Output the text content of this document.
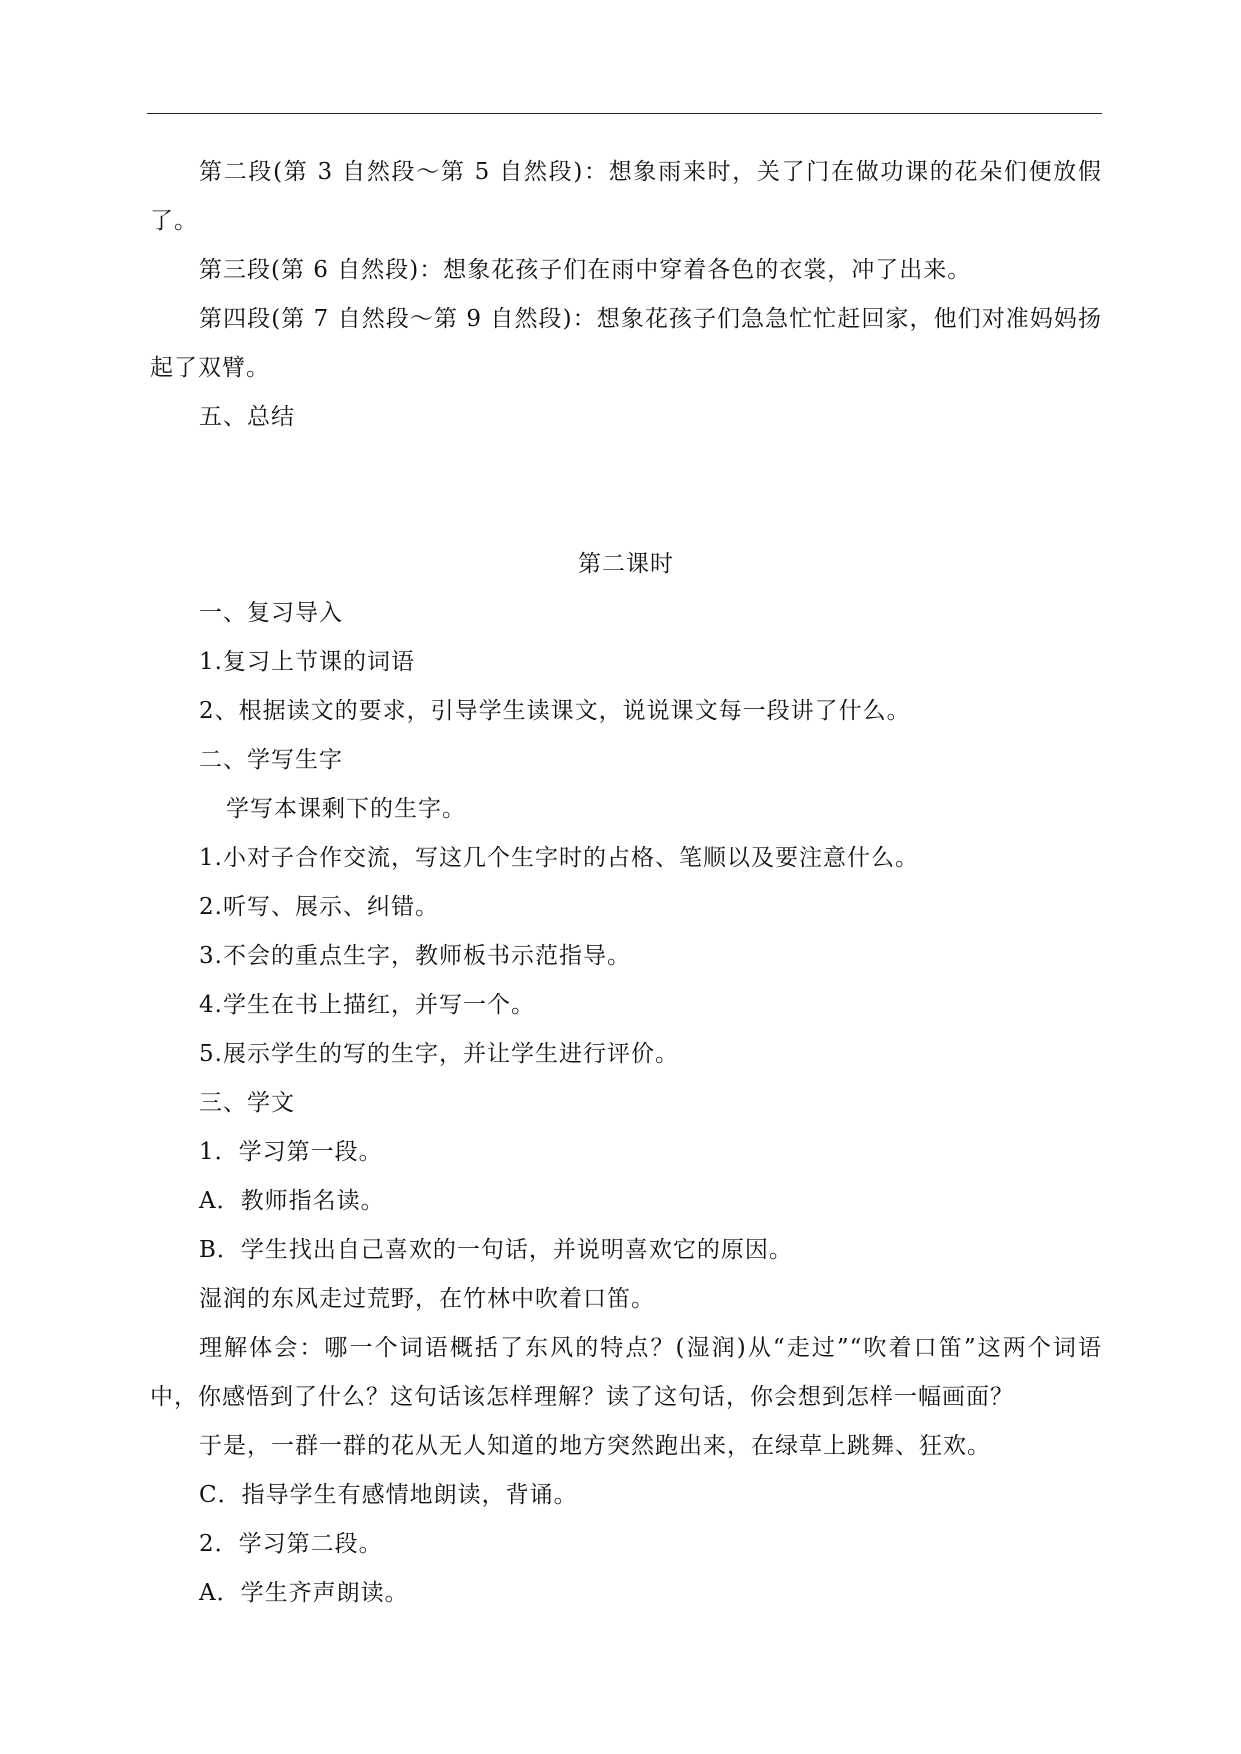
第二段(第 3 自然段～第 5 自然段)：想象雨来时，关了门在做功课的花朵们便放假了。

第三段(第 6 自然段)：想象花孩子们在雨中穿着各色的衣裳，冲了出来。

第四段(第 7 自然段～第 9 自然段)：想象花孩子们急急忙忙赶回家，他们对准妈妈扬起了双臂。

五、总结

第二课时

一、复习导入

1.复习上节课的词语

2、根据读文的要求，引导学生读课文，说说课文每一段讲了什么。

二、学写生字

学写本课剩下的生字。

1.小对子合作交流，写这几个生字时的占格、笔顺以及要注意什么。

2.听写、展示、纠错。

3.不会的重点生字，教师板书示范指导。

4.学生在书上描红，并写一个。

5.展示学生的写的生字，并让学生进行评价。

三、学文

1．学习第一段。

A．教师指名读。

B．学生找出自己喜欢的一句话，并说明喜欢它的原因。

湿润的东风走过荒野，在竹林中吹着口笛。

理解体会：哪一个词语概括了东风的特点？(湿润)从“走过”“吹着口笛”这两个词语中，你感悟到了什么？这句话该怎样理解？读了这句话，你会想到怎样一幅画面？

于是，一群一群的花从无人知道的地方突然跑出来，在绿草上跳舞、狂欢。

C．指导学生有感情地朗读，背诵。

2．学习第二段。

A．学生齐声朗读。
